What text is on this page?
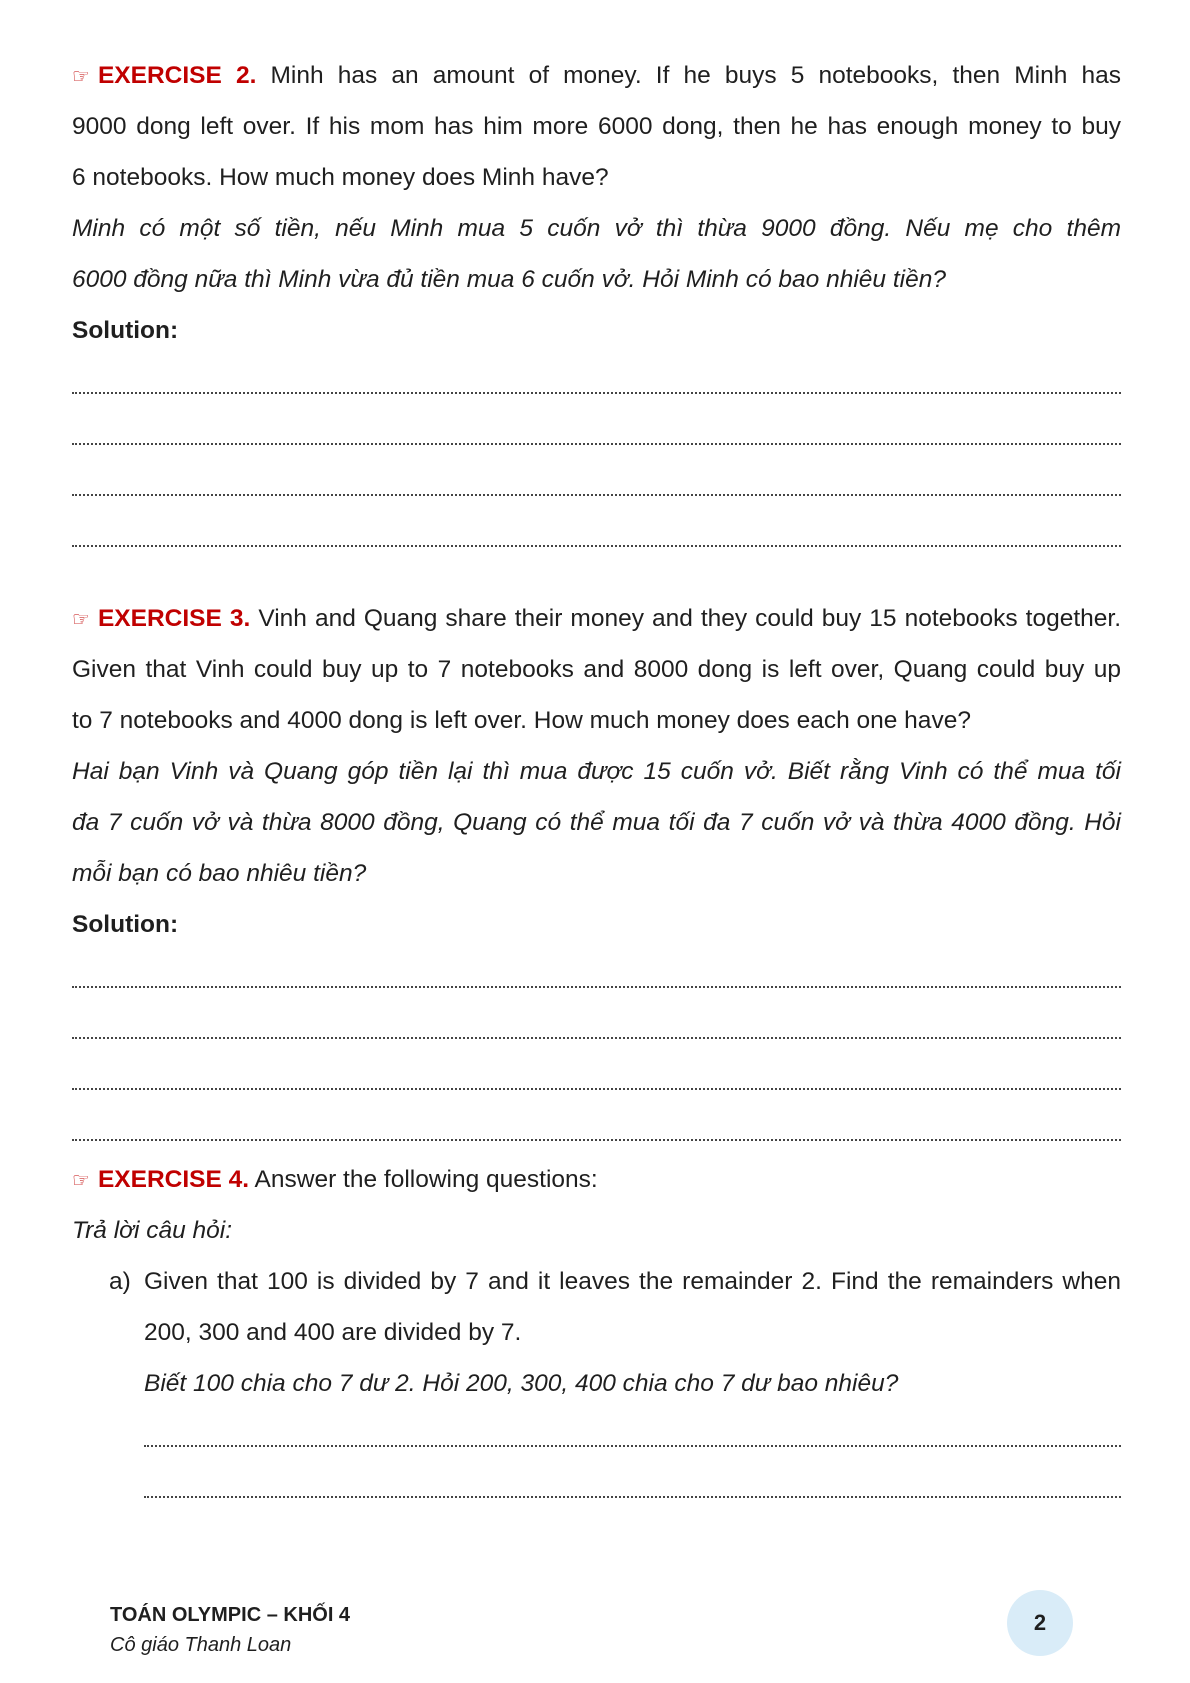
☞ EXERCISE 2. Minh has an amount of money. If he buys 5 notebooks, then Minh has
9000 dong left over. If his mom has him more 6000 dong, then he has enough money to buy
6 notebooks. How much money does Minh have?
Minh có một số tiền, nếu Minh mua 5 cuốn vở thì thừa 9000 đồng. Nếu mẹ cho thêm
6000 đồng nữa thì Minh vừa đủ tiền mua 6 cuốn vở. Hỏi Minh có bao nhiêu tiền?
Solution:
☞ EXERCISE 3. Vinh and Quang share their money and they could buy 15 notebooks together.
Given that Vinh could buy up to 7 notebooks and 8000 dong is left over, Quang could buy up
to 7 notebooks and 4000 dong is left over. How much money does each one have?
Hai bạn Vinh và Quang góp tiền lại thì mua được 15 cuốn vở. Biết rằng Vinh có thể mua tối
đa 7 cuốn vở và thừa 8000 đồng, Quang có thể mua tối đa 7 cuốn vở và thừa 4000 đồng. Hỏi
mỗi bạn có bao nhiêu tiền?
Solution:
☞ EXERCISE 4. Answer the following questions:
Trả lời câu hỏi:
a) Given that 100 is divided by 7 and it leaves the remainder 2. Find the remainders when
200, 300 and 400 are divided by 7.
Biết 100 chia cho 7 dư 2. Hỏi 200, 300, 400 chia cho 7 dư bao nhiêu?
TOÁN OLYMPIC – KHỐI 4
Cô giáo Thanh Loan
2
